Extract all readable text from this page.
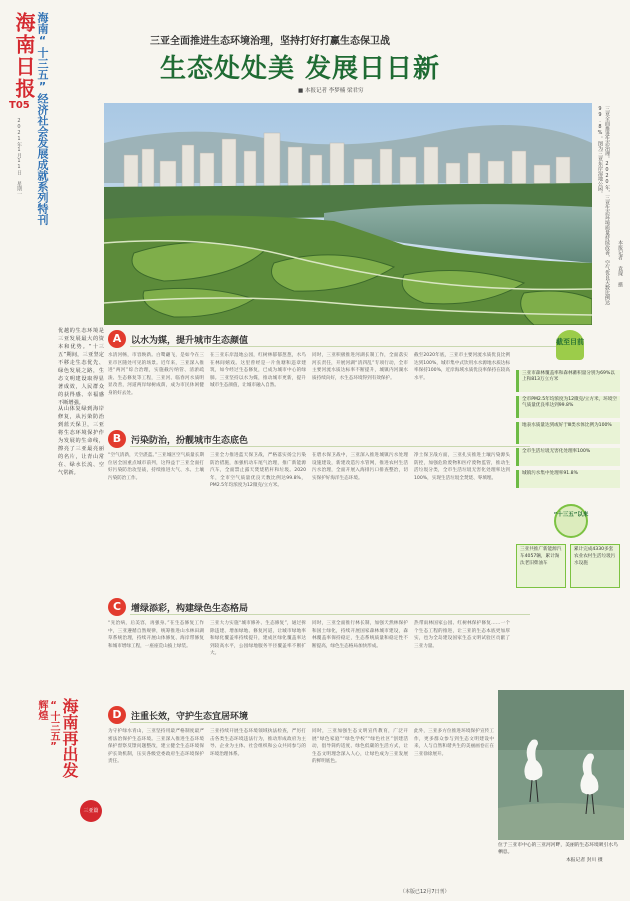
海南日报
T05
2021年1月11日 星期一 海南“十三五”经济社会发展成就系列特刊	三亚全面推进生态环境治理，坚持打好打赢生态保卫战
生态处处美 发展日日新
■ 本报记者 李梦楠 梁君穷
三亚全面推进生态治理。2020年，三亚生态环境质量持续改善，空气优良天数比例达99.8%。图为三亚东岸湿地公园。
本报记者 袁琛 摄
优越的生态环境是三亚发展最大的资本和优势。“十三五”期间，三亚坚定不移走生态优先、绿色发展之路，生态文明建设取得显著成效，人民群众的获得感、幸福感不断增强。
从山体复绿到海岸修复，从污染防治到蓝天保卫，三亚将生态环境保护作为发展的生命线，擦亮了三亚最亮丽的名片，让青山常在、绿水长流、空气常新。
A	以水为媒，提升城市生态颜值
水清河畅，市容焕新。白鹭翩飞，是如今在三亚市区随处可见的场景。近年来，三亚深入推进“两河”综合治理，实施截污纳管、清淤疏浚、生态修复等工程，三亚河、临春河水质明显改善，河道两岸绿树成荫，成为市民休闲健身的好去处。
在三亚东岸湿地公园，红树林郁郁葱葱，水鸟在林间嬉戏。这里曾经是一片鱼塘和违章建筑，如今经过生态修复，已成为城市中心的绿肺。三亚坚持以水为媒，推动城市更新，提升城市生态颜值，让城市融入自然。
同时，三亚积极推进河湖长制工作，全面落实河长责任，开展河湖“清四乱”专项行动，全市主要河流水质达标率不断提升，城镇内河湖水质持续向好，水生态环境得到有效保护。
截至2020年底，三亚市主要河流水质优良比例达到100%，城市集中式饮用水水源地水质达标率保持100%，近岸海域水质优良率保持在较高水平。
B	污染防治，扮靓城市生态底色
“空气清新，天空湛蓝。”三亚城区空气质量长期位居全国重点城市前列，这得益于三亚全面打好污染防治攻坚战，持续推进大气、水、土壤污染防治工作。
三亚全力推进蓝天保卫战，严格落实扬尘污染防治措施，加强机动车尾气治理，推广新能源汽车，全面禁止露天焚烧秸秆和垃圾。2020年，全市空气质量优良天数比例达99.8%，PM2.5年均浓度为12微克/立方米。
在碧水保卫战中，三亚深入推进城镇污水处理设施建设，新建改造污水管网，推进农村生活污水治理，全面开展入海排污口排查整治，切实保护好海洋生态环境。
净土保卫战方面，三亚扎实推进土壤污染源头防控，加强危险废物和医疗废物监管，推动生活垃圾分类，全市生活垃圾无害化处理率达到100%，实现生活垃圾全焚烧、零填埋。
C	增绿添彩，构建绿色生态格局
“先治病，后美容，再强身。”在生态修复工作中，三亚遵循自然规律，统筹推进山水林田湖草系统治理，持续开展山体修复、海岸带修复和城市增绿工程，一座座荒山披上绿装。
三亚大力实施“城市修补、生态修复”，通过拆除违建、增加绿地、修复河道，让城市绿地率和绿化覆盖率持续提升，建成区绿化覆盖率达到较高水平，公园绿地服务半径覆盖率不断扩大。
同时，三亚全面推行林长制，加强天然林保护和国土绿化，持续开展国家森林城市建设，森林覆盖率保持稳定，生态系统质量和稳定性不断提高，绿色生态格局加快形成。
热带雨林国家公园、红树林保护修复……一个个生态工程的推进，让三亚的生态本底更加厚实，也为全岛建设国家生态文明试验区贡献了三亚力量。
D	注重长效，守护生态宜居环境
为守护绿水青山，三亚坚持用最严格制度最严密法治保护生态环境。三亚深入推进生态环境保护督察反馈问题整改，建立健全生态环境保护长效机制，压实各级党委政府生态环境保护责任。
三亚持续开展生态环境领域执法检查，严厉打击各类生态环境违法行为，推动形成政府为主导、企业为主体、社会组织和公众共同参与的环境治理体系。
同时，三亚加强生态文明宣传教育，广泛开展“绿色家庭”“绿色学校”“绿色社区”创建活动，倡导简约适度、绿色低碳的生活方式，让生态文明理念深入人心，让绿色成为三亚发展的鲜明底色。
此外，三亚多方位推进环境保护宣传工作，更多群众参与到生态文明建设中来，人与自然和谐共生的美丽画卷正在三亚徐徐展开。
（本版已12月7日刊）
截至目前
三亚市森林覆盖率和森林蓄积量分别为69%以上和813万立方米
全市PM2.5年均浓度为12微克/立方米，环境空气质量优良率达到99.8%
地表水质量达到或好于Ⅲ类水体比例为100%
全市生活垃圾无害化处理率100%
城镇污水集中处理率91.8%
“十三五”以来
三亚共推广新能源汽车4057辆，累计淘汰老旧柴油车
累计完成4330多套农业农村生活垃圾污水设施
辉煌 “十三五” 海南再出发
三亚篇
位于三亚市中心的三亚河河畔，美丽的生态环境吸引水鸟栖息。
本报记者 封川 摄
